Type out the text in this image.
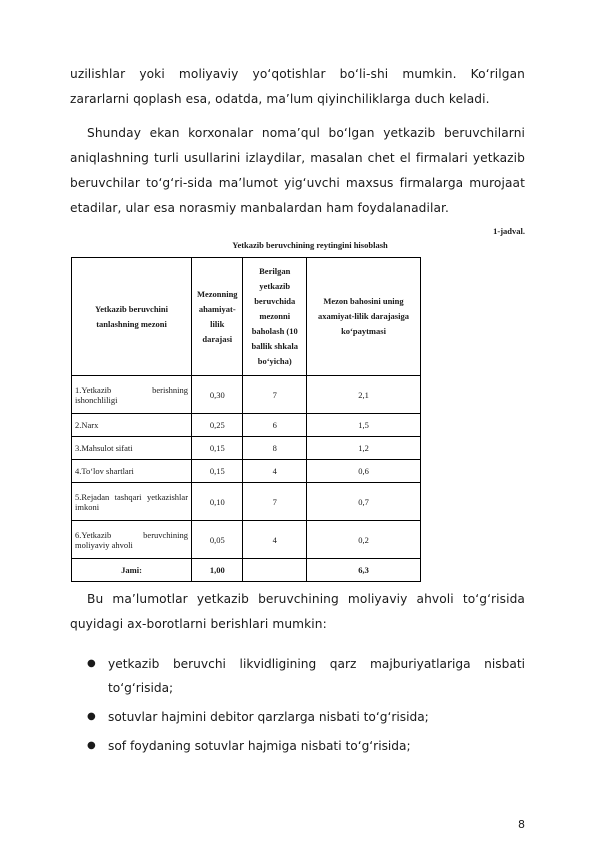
uzilishlar yoki moliyaviy yo‘qotishlar bo‘li-shi mumkin. Ko‘rilgan zararlarni qoplash esa, odatda, ma’lum qiyinchiliklarga duch keladi.

Shunday ekan korxonalar noma’qul bo‘lgan yetkazib beruvchilarni aniqlashning turli usullarini izlaydilar, masalan chet el firmalari yetkazib beruvchilar to‘g‘ri-sida ma’lumot yig‘uvchi maxsus firmalarga murojaat etadilar, ular esa norasmiy manbalardan ham foydalanadilar.

1-jadval.
Yetkazib beruvchining reytingini hisoblash
Yetkazib beruvchini tanlashning mezoni	Mezonning ahamiyat-lilik darajasi	Berilgan yetkazib beruvchida mezonni baholash (10 ballik shkala bo‘yicha)	Mezon bahosini uning axamiyat-lilik darajasiga ko‘paytmasi
1.Yetkazib berishning ishonchliligi	0,30	7	2,1
2.Narx	0,25	6	1,5
3.Mahsulot sifati	0,15	8	1,2
4.To‘lov shartlari	0,15	4	0,6
5.Rejadan tashqari yetkazishlar imkoni	0,10	7	0,7
6.Yetkazib beruvchining moliyaviy ahvoli	0,05	4	0,2
Jami:	1,00		6,3

Bu ma’lumotlar yetkazib beruvchining moliyaviy ahvoli to‘g‘risida quyidagi ax-borotlarni berishlari mumkin:

● yetkazib beruvchi likvidligining qarz majburiyatlariga nisbati to‘g‘risida;
● sotuvlar hajmini debitor qarzlarga nisbati to‘g‘risida;
● sof foydaning sotuvlar hajmiga nisbati to‘g‘risida;
8
